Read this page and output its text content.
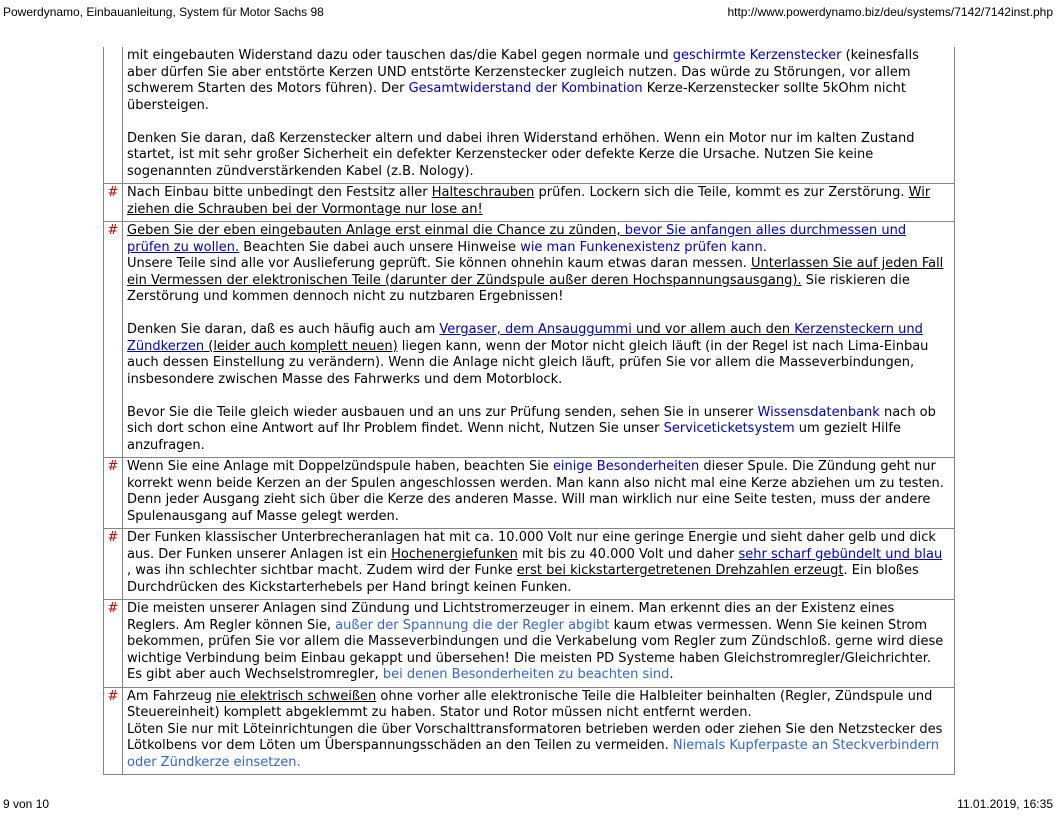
Powerdynamo, Einbauanleitung, System für Motor Sachs 98	http://www.powerdynamo.biz/deu/systems/7142/7142inst.php
mit eingebauten Widerstand dazu oder tauschen das/die Kabel gegen normale und geschirmte Kerzenstecker (keinesfalls aber dürfen Sie aber entstörte Kerzen UND entstörte Kerzenstecker zugleich nutzen. Das würde zu Störungen, vor allem schwerem Starten des Motors führen). Der Gesamtwiderstand der Kombination Kerze-Kerzenstecker sollte 5kOhm nicht übersteigen.
Denken Sie daran, daß Kerzenstecker altern und dabei ihren Widerstand erhöhen. Wenn ein Motor nur im kalten Zustand startet, ist mit sehr großer Sicherheit ein defekter Kerzenstecker oder defekte Kerze die Ursache. Nutzen Sie keine sogenannten zündverstärkenden Kabel (z.B. Nology).
# Nach Einbau bitte unbedingt den Festsitz aller Halteschrauben prüfen. Lockern sich die Teile, kommt es zur Zerstörung. Wir ziehen die Schrauben bei der Vormontage nur lose an!
# Geben Sie der eben eingebauten Anlage erst einmal die Chance zu zünden, bevor Sie anfangen alles durchmessen und prüfen zu wollen. Beachten Sie dabei auch unsere Hinweise wie man Funkenexistenz prüfen kann.
Unsere Teile sind alle vor Auslieferung geprüft. Sie können ohnehin kaum etwas daran messen. Unterlassen Sie auf jeden Fall ein Vermessen der elektronischen Teile (darunter der Zündspule außer deren Hochspannungsausgang). Sie riskieren die Zerstörung und kommen dennoch nicht zu nutzbaren Ergebnissen!
Denken Sie daran, daß es auch häufig auch am Vergaser, dem Ansauggummi und vor allem auch den Kerzensteckern und Zündkerzen (leider auch komplett neuen) liegen kann, wenn der Motor nicht gleich läuft (in der Regel ist nach Lima-Einbau auch dessen Einstellung zu verändern). Wenn die Anlage nicht gleich läuft, prüfen Sie vor allem die Masseverbindungen, insbesondere zwischen Masse des Fahrwerks und dem Motorblock.
Bevor Sie die Teile gleich wieder ausbauen und an uns zur Prüfung senden, sehen Sie in unserer Wissensdatenbank nach ob sich dort schon eine Antwort auf Ihr Problem findet. Wenn nicht, Nutzen Sie unser Serviceticketsystem um gezielt Hilfe anzufragen.
# Wenn Sie eine Anlage mit Doppelzündspule haben, beachten Sie einige Besonderheiten dieser Spule. Die Zündung geht nur korrekt wenn beide Kerzen an der Spulen angeschlossen werden. Man kann also nicht mal eine Kerze abziehen um zu testen. Denn jeder Ausgang zieht sich über die Kerze des anderen Masse. Will man wirklich nur eine Seite testen, muss der andere Spulenausgang auf Masse gelegt werden.
# Der Funken klassischer Unterbrecheranlagen hat mit ca. 10.000 Volt nur eine geringe Energie und sieht daher gelb und dick aus. Der Funken unserer Anlagen ist ein Hochenergiefunken mit bis zu 40.000 Volt und daher sehr scharf gebündelt und blau , was ihn schlechter sichtbar macht. Zudem wird der Funke erst bei kickstartergetretenen Drehzahlen erzeugt. Ein bloßes Durchdrücken des Kickstarterhebels per Hand bringt keinen Funken.
# Die meisten unserer Anlagen sind Zündung und Lichtstromerzeuger in einem. Man erkennt dies an der Existenz eines Reglers. Am Regler können Sie, außer der Spannung die der Regler abgibt kaum etwas vermessen. Wenn Sie keinen Strom bekommen, prüfen Sie vor allem die Masseverbindungen und die Verkabelung vom Regler zum Zündschloß. gerne wird diese wichtige Verbindung beim Einbau gekappt und übersehen! Die meisten PD Systeme haben Gleichstromregler/Gleichrichter. Es gibt aber auch Wechselstromregler, bei denen Besonderheiten zu beachten sind.
# Am Fahrzeug nie elektrisch schweißen ohne vorher alle elektronische Teile die Halbleiter beinhalten (Regler, Zündspule und Steuereinheit) komplett abgeklemmt zu haben. Stator und Rotor müssen nicht entfernt werden.
Löten Sie nur mit Löteinrichtungen die über Vorschalttransformatoren betrieben werden oder ziehen Sie den Netzstecker des Lötkolbens vor dem Löten um Überspannungsschäden an den Teilen zu vermeiden. Niemals Kupferpaste an Steckverbindern oder Zündkerze einsetzen.
9 von 10	11.01.2019, 16:35
